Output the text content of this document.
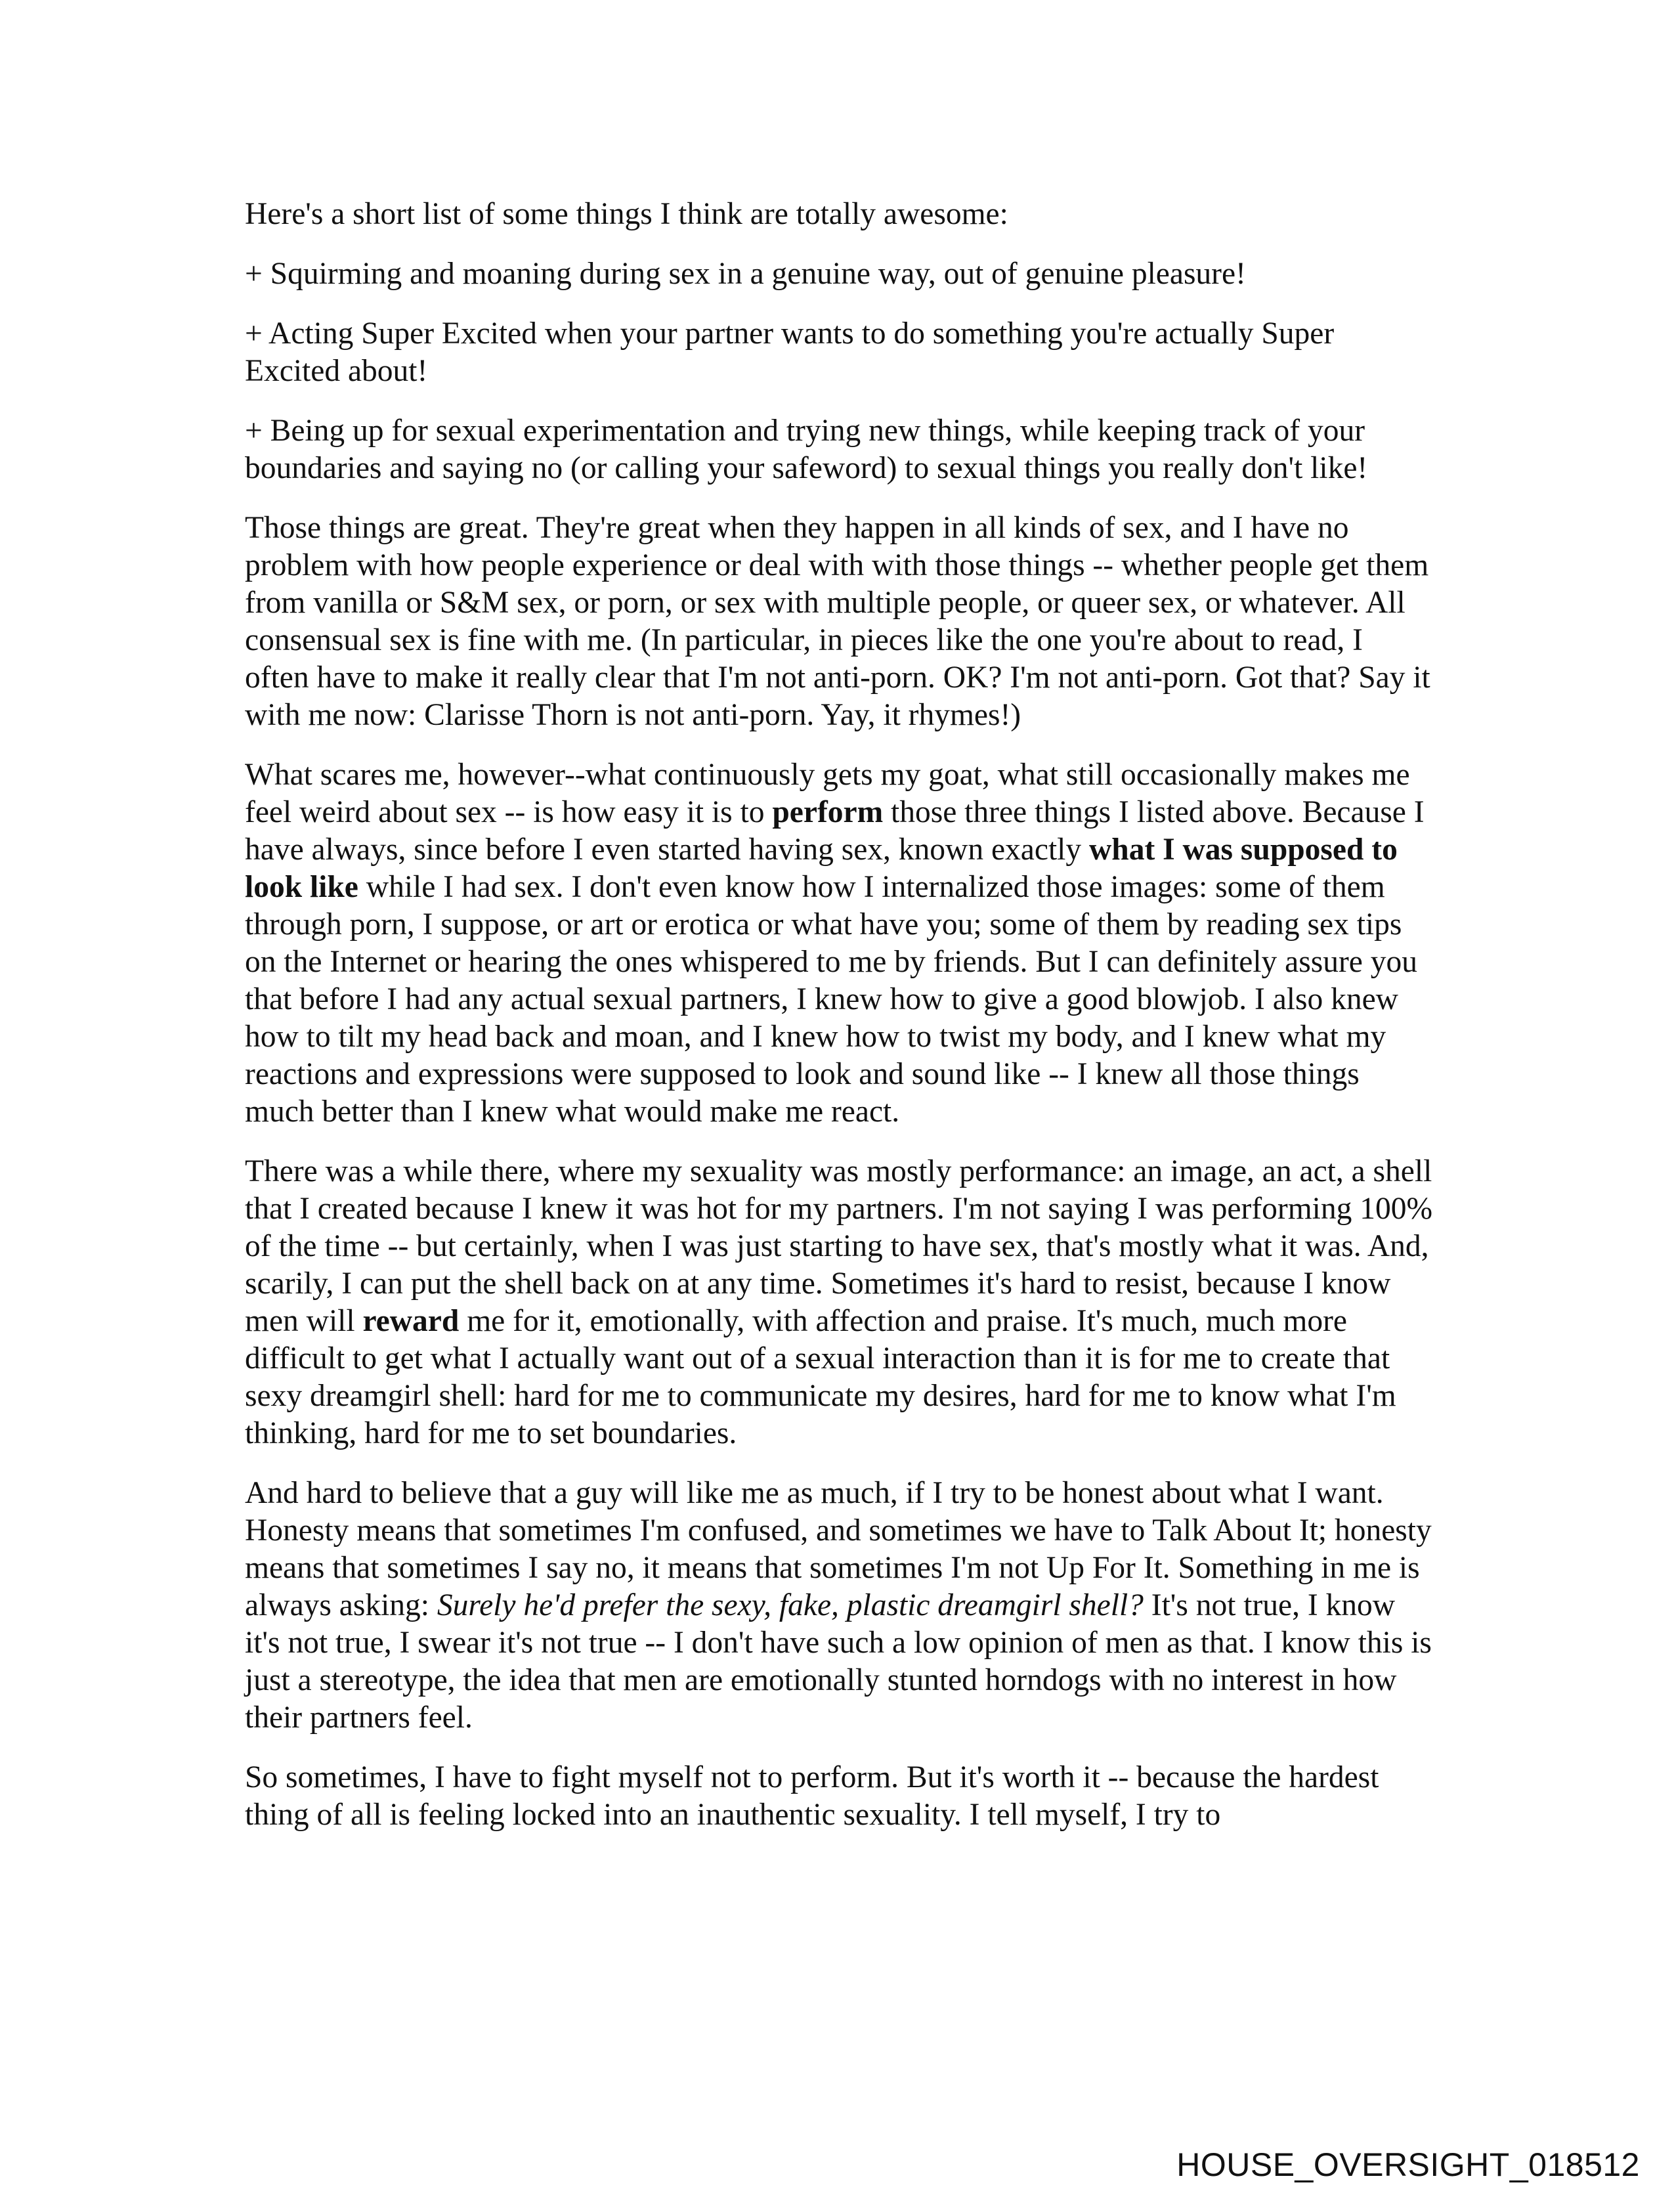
Here's a short list of some things I think are totally awesome:

+ Squirming and moaning during sex in a genuine way, out of genuine pleasure!

+ Acting Super Excited when your partner wants to do something you're actually Super Excited about!

+ Being up for sexual experimentation and trying new things, while keeping track of your boundaries and saying no (or calling your safeword) to sexual things you really don't like!

Those things are great. They're great when they happen in all kinds of sex, and I have no problem with how people experience or deal with with those things -- whether people get them from vanilla or S&M sex, or porn, or sex with multiple people, or queer sex, or whatever. All consensual sex is fine with me. (In particular, in pieces like the one you're about to read, I often have to make it really clear that I'm not anti-porn. OK? I'm not anti-porn. Got that? Say it with me now: Clarisse Thorn is not anti-porn. Yay, it rhymes!)

What scares me, however--what continuously gets my goat, what still occasionally makes me feel weird about sex -- is how easy it is to perform those three things I listed above. Because I have always, since before I even started having sex, known exactly what I was supposed to look like while I had sex. I don't even know how I internalized those images: some of them through porn, I suppose, or art or erotica or what have you; some of them by reading sex tips on the Internet or hearing the ones whispered to me by friends. But I can definitely assure you that before I had any actual sexual partners, I knew how to give a good blowjob. I also knew how to tilt my head back and moan, and I knew how to twist my body, and I knew what my reactions and expressions were supposed to look and sound like -- I knew all those things much better than I knew what would make me react.

There was a while there, where my sexuality was mostly performance: an image, an act, a shell that I created because I knew it was hot for my partners. I'm not saying I was performing 100% of the time -- but certainly, when I was just starting to have sex, that's mostly what it was. And, scarily, I can put the shell back on at any time. Sometimes it's hard to resist, because I know men will reward me for it, emotionally, with affection and praise. It's much, much more difficult to get what I actually want out of a sexual interaction than it is for me to create that sexy dreamgirl shell: hard for me to communicate my desires, hard for me to know what I'm thinking, hard for me to set boundaries.

And hard to believe that a guy will like me as much, if I try to be honest about what I want. Honesty means that sometimes I'm confused, and sometimes we have to Talk About It; honesty means that sometimes I say no, it means that sometimes I'm not Up For It. Something in me is always asking: Surely he'd prefer the sexy, fake, plastic dreamgirl shell? It's not true, I know it's not true, I swear it's not true -- I don't have such a low opinion of men as that. I know this is just a stereotype, the idea that men are emotionally stunted horndogs with no interest in how their partners feel.

So sometimes, I have to fight myself not to perform. But it's worth it -- because the hardest thing of all is feeling locked into an inauthentic sexuality. I tell myself, I try to

HOUSE_OVERSIGHT_018512
